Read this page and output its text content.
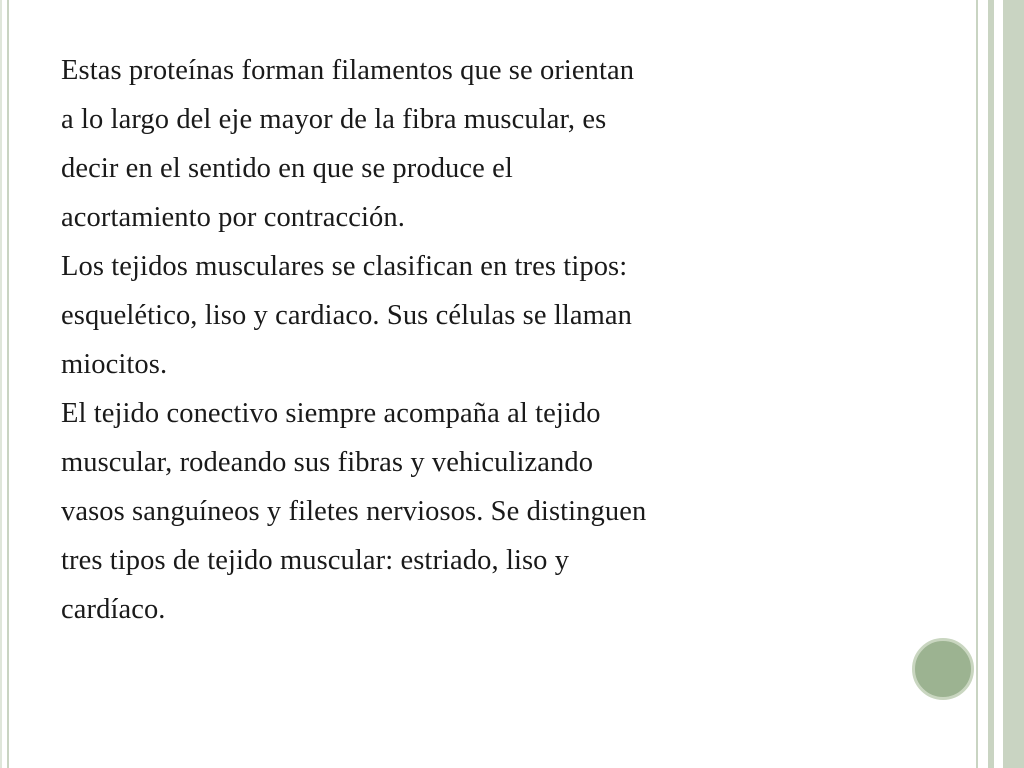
Estas proteínas forman filamentos que se orientan
a lo largo del eje mayor de la fibra muscular, es
decir en el sentido en que se produce el
acortamiento por contracción.

Los tejidos musculares se clasifican en tres tipos:
esquelético, liso y cardiaco. Sus células se llaman
miocitos.

El tejido conectivo siempre acompaña al tejido
muscular, rodeando sus fibras y vehiculizando
vasos sanguíneos y filetes nerviosos. Se distinguen
tres tipos de tejido muscular: estriado, liso y
cardíaco.
